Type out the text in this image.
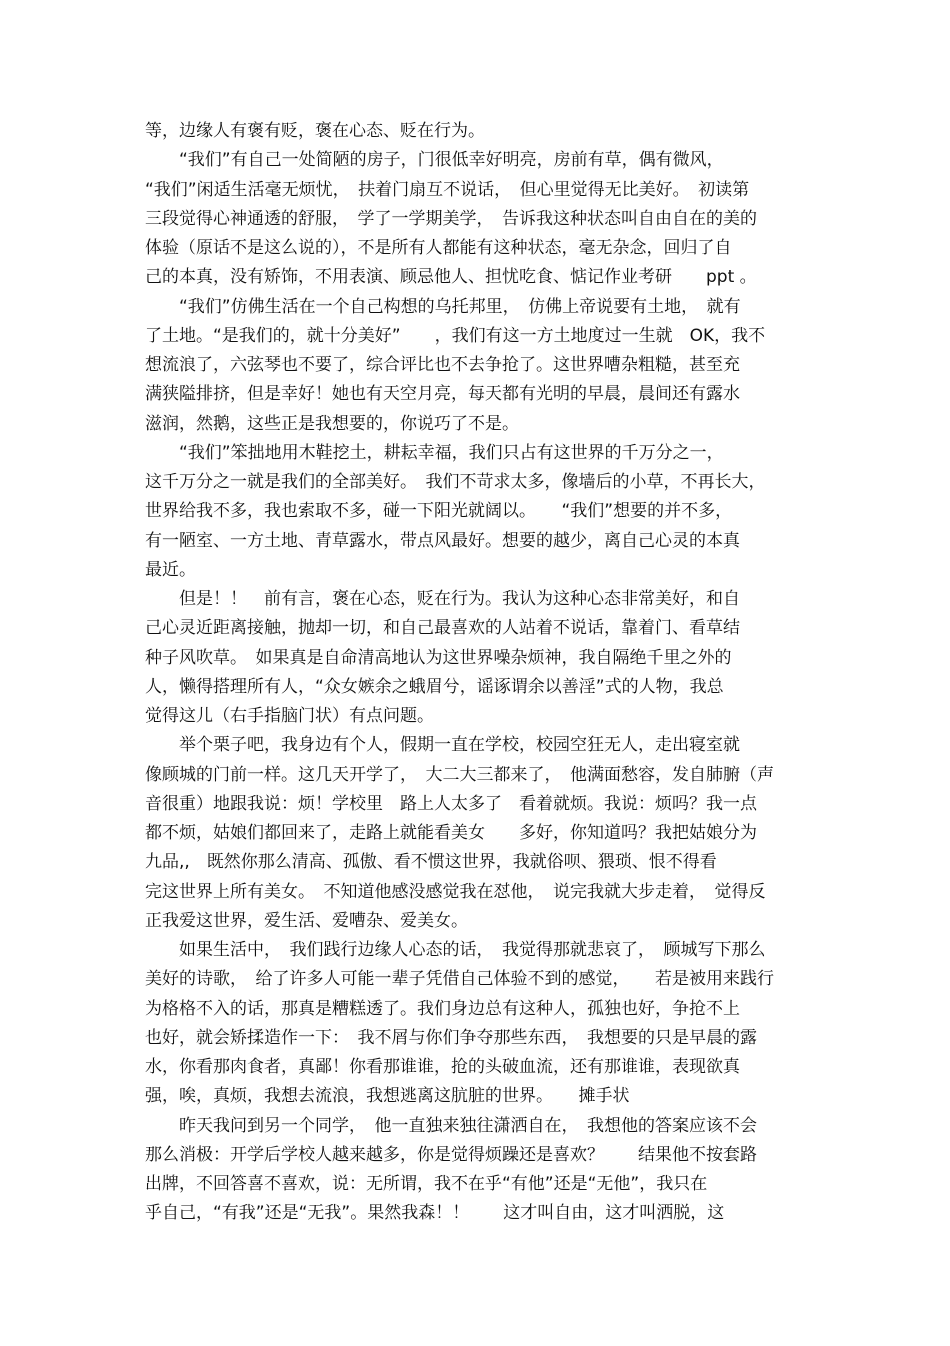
等，边缘人有褒有贬，褒在心态、贬在行为。
　　“我们”有自己一处简陋的房子，门很低幸好明亮，房前有草，偶有微风，
“我们”闲适生活毫无烦忧，　扶着门扇互不说话，　但心里觉得无比美好。　初读第
三段觉得心神通透的舒服，　学了一学期美学，　告诉我这种状态叫自由自在的美的
体验（原话不是这么说的），不是所有人都能有这种状态，毫无杂念，回归了自
己的本真，没有矫饰，不用表演、顾忌他人、担忧吃食、惦记作业考研　　ppt 。
　　“我们”仿佛生活在一个自己构想的乌托邦里，　仿佛上帝说要有土地，　就有
了土地。“是我们的，就十分美好”　　，我们有这一方土地度过一生就　OK，我不
想流浪了，六弦琴也不要了，综合评比也不去争抢了。这世界嘈杂粗糙，甚至充
满狭隘排挤，但是幸好！她也有天空月亮，每天都有光明的早晨，晨间还有露水
滋润，然鹅，这些正是我想要的，你说巧了不是。
　　“我们”笨拙地用木鞋挖土，耕耘幸福，我们只占有这世界的千万分之一，
这千万分之一就是我们的全部美好。　我们不苛求太多，像墙后的小草，不再长大，
世界给我不多，我也索取不多，碰一下阳光就阔以。　　“我们”想要的并不多，
有一陋室、一方土地、青草露水，带点风最好。想要的越少，离自己心灵的本真
最近。
　　但是！！　前有言，褒在心态，贬在行为。我认为这种心态非常美好，和自
己心灵近距离接触，抛却一切，和自己最喜欢的人站着不说话，靠着门、看草结
种子风吹草。　如果真是自命清高地认为这世界噪杂烦神，我自隔绝千里之外的
人，懒得搭理所有人，“众女嫉余之蛾眉兮，谣诼谓余以善淫”式的人物，我总
觉得这儿（右手指脑门状）有点问题。
　　举个栗子吧，我身边有个人，假期一直在学校，校园空狂无人，走出寝室就
像顾城的门前一样。这几天开学了，　大二大三都来了，　他满面愁容，发自肺腑（声
音很重）地跟我说：烦！学校里　路上人太多了　看着就烦。我说：烦吗？我一点
都不烦，姑娘们都回来了，走路上就能看美女　　多好，你知道吗？我把姑娘分为
九品,,　既然你那么清高、孤傲、看不惯这世界，我就俗呗、猥琐、恨不得看
完这世界上所有美女。　不知道他感没感觉我在怼他，　说完我就大步走着，　觉得反
正我爱这世界，爱生活、爱嘈杂、爱美女。
　　如果生活中，　我们践行边缘人心态的话，　我觉得那就悲哀了，　顾城写下那么
美好的诗歌，　给了许多人可能一辈子凭借自己体验不到的感觉，　　若是被用来践行
为格格不入的话，那真是糟糕透了。我们身边总有这种人，孤独也好，争抢不上
也好，就会矫揉造作一下：　我不屑与你们争夺那些东西，　我想要的只是早晨的露
水，你看那肉食者，真鄙！你看那谁谁，抢的头破血流，还有那谁谁，表现欲真
强，唉，真烦，我想去流浪，我想逃离这肮脏的世界。　　摊手状
　　昨天我问到另一个同学，　他一直独来独往潇洒自在，　我想他的答案应该不会
那么消极：开学后学校人越来越多，你是觉得烦躁还是喜欢？　　结果他不按套路
出牌，不回答喜不喜欢，说：无所谓，我不在乎“有他”还是“无他”，我只在
乎自己，“有我”还是“无我”。果然我森！！　　这才叫自由，这才叫洒脱，这
